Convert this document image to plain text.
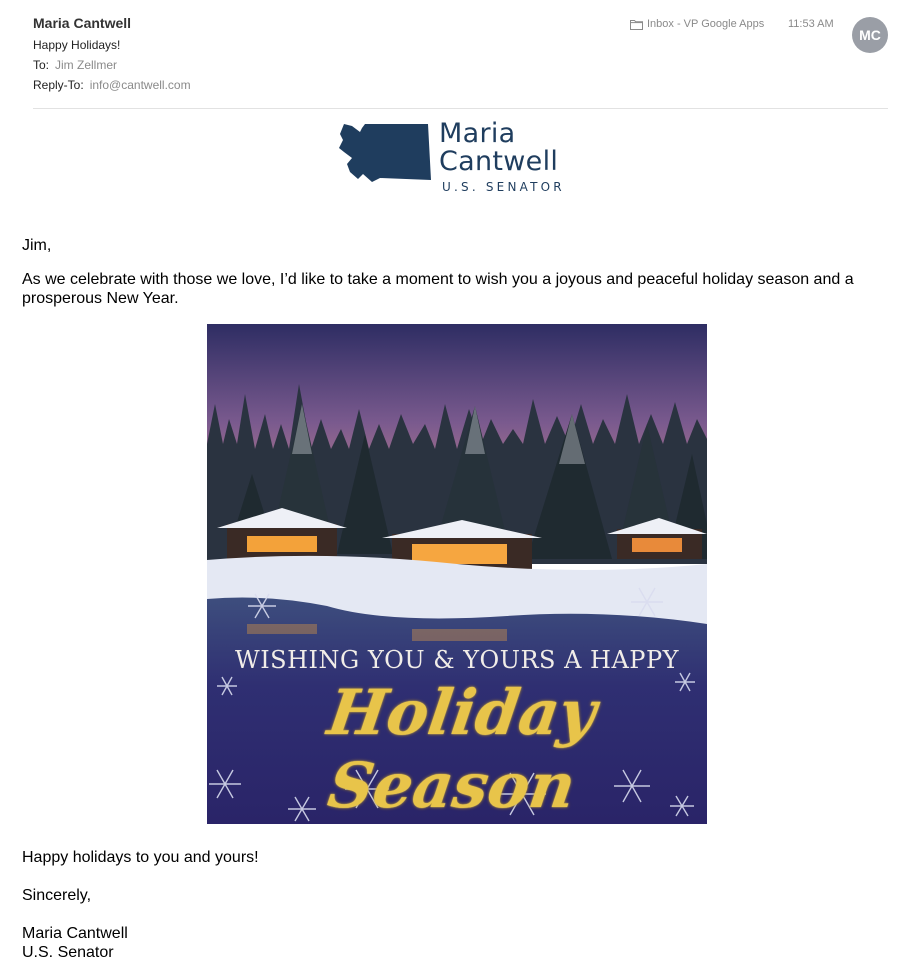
Maria Cantwell
Happy Holidays!
To: Jim Zellmer
Reply-To: info@cantwell.com
Inbox - VP Google Apps 11:53 AM
MC
Maria
Cantwell
U.S. SENATOR
Jim,
As we celebrate with those we love, I’d like to take a moment to wish you a joyous and peaceful holiday season and a prosperous New Year.
WISHING YOU & YOURS A HAPPY
Holiday Season
Happy holidays to you and yours!
Sincerely,
Maria Cantwell
U.S. Senator
